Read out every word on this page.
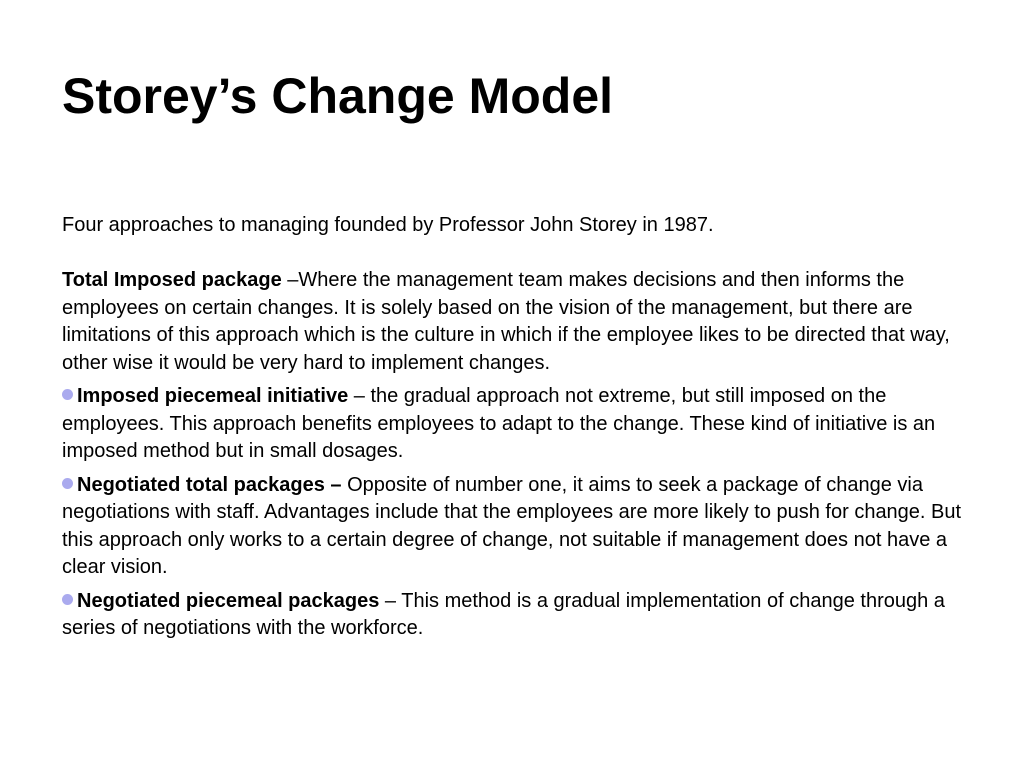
Storey’s Change Model

Four approaches to managing founded by Professor John Storey in 1987.

Total Imposed package –Where the management team makes decisions and then informs the employees on certain changes. It is solely based on the vision of the management, but there are limitations of this approach which is the culture in which if the employee likes to be directed that way, other wise it would be very hard to implement changes.

Imposed piecemeal initiative – the gradual approach not extreme, but still imposed on the employees. This approach benefits employees to adapt to the change. These kind of initiative is an imposed method but in small dosages.

Negotiated total packages – Opposite of number one, it aims to seek a package of change via negotiations with staff. Advantages include that the employees are more likely to push for change. But this approach only works to a certain degree of change, not suitable if management does not have a clear vision.

Negotiated piecemeal packages – This method is a gradual implementation of change through a series of negotiations with the workforce.
